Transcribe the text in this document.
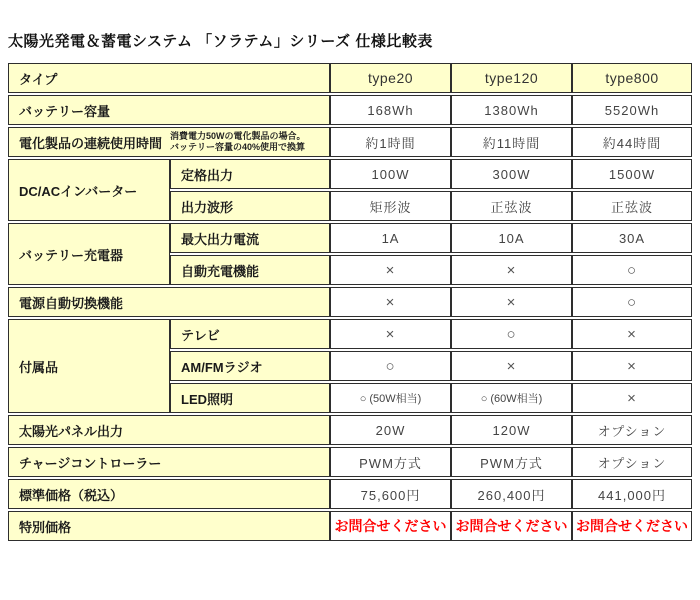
太陽光発電＆蓄電システム 「ソラテム」シリーズ 仕様比較表
タイプ		type20	type120	type800
バッテリー容量		168Wh	1380Wh	5520Wh

電化製品の連続使用時間 消費電力50Wの電化製品の場合。
バッテリー容量の40%使用で換算		約1時間	約11時間	約44時間
DC/ACインバーター	定格出力	100W	300W	1500W
	出力波形	矩形波	正弦波	正弦波
バッテリー充電器	最大出力電流	1A	10A	30A
	自動充電機能	×	×	○
電源自動切換機能		×	×	○
付属品	テレビ	×	○	×
	AM/FMラジオ	○	×	×
	LED照明	○ (50W相当)	○ (60W相当)	×
太陽光パネル出力		20W	120W	オプション
チャージコントローラー		PWM方式	PWM方式	オプション
標準価格（税込）		75,600円	260,400円	441,000円
特別価格		お問合せください	お問合せください	お問合せください
